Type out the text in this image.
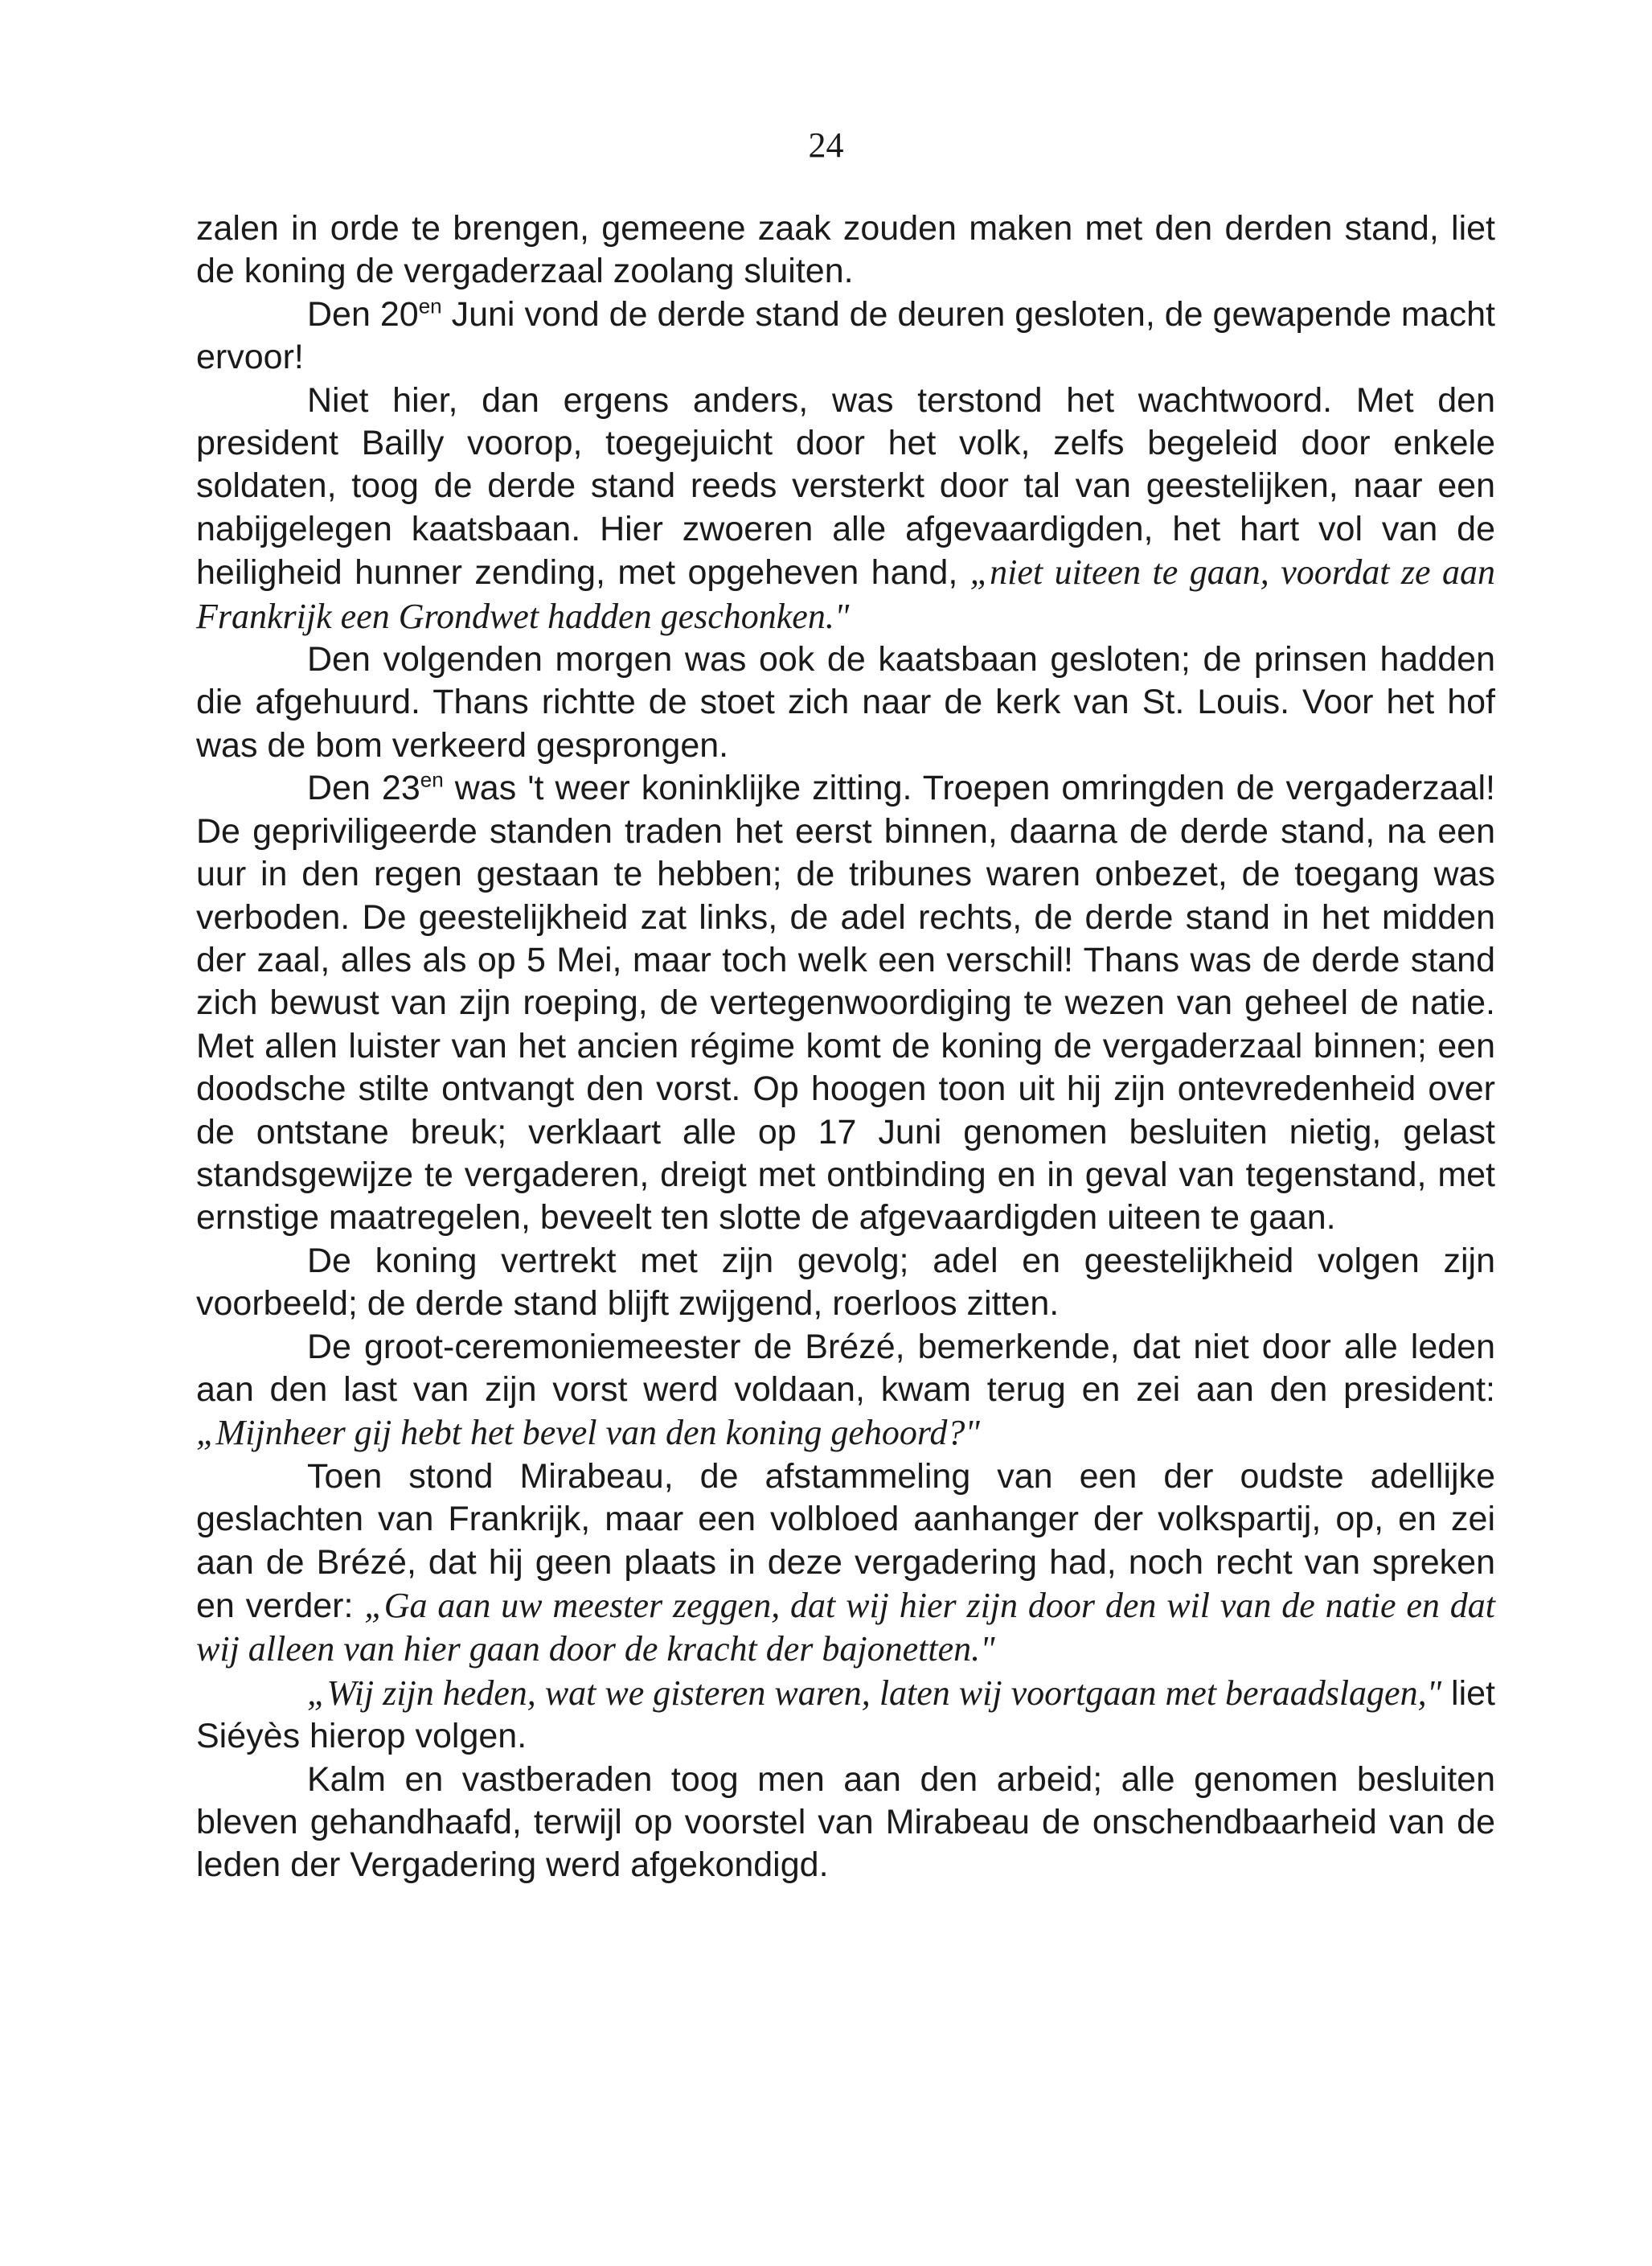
24

zalen in orde te brengen, gemeene zaak zouden maken met den derden stand, liet de koning de vergaderzaal zoolang sluiten.

Den $20^{en}$ Juni vond de derde stand de deuren gesloten, de gewapende macht ervoor!

Niet hier, dan ergens anders, was terstond het wachtwoord. Met den president Bailly voorop, toegejuicht door het volk, zelfs begeleid door enkele soldaten, toog de derde stand reeds versterkt door tal van geestelijken, naar een nabijgelegen kaatsbaan. Hier zwoeren alle afgevaardigden, het hart vol van de heiligheid hunner zending, met opgeheven hand, „niet uiteen te gaan, voordat ze aan Frankrijk een Grondwet hadden geschonken."

Den volgenden morgen was ook de kaatsbaan gesloten; de prinsen hadden die afgehuurd. Thans richtte de stoet zich naar de kerk van St. Louis. Voor het hof was de bom verkeerd gesprongen.

Den $23^{en}$ was 't weer koninklijke zitting. Troepen omringden de vergaderzaal! De gepriviligeerde standen traden het eerst binnen, daarna de derde stand, na een uur in den regen gestaan te hebben; de tribunes waren onbezet, de toegang was verboden. De geestelijkheid zat links, de adel rechts, de derde stand in het midden der zaal, alles als op 5 Mei, maar toch welk een verschil! Thans was de derde stand zich bewust van zijn roeping, de vertegenwoordiging te wezen van geheel de natie. Met allen luister van het ancien régime komt de koning de vergaderzaal binnen; een doodsche stilte ontvangt den vorst. Op hoogen toon uit hij zijn ontevredenheid over de ontstane breuk; verklaart alle op 17 Juni genomen besluiten nietig, gelast standsgewijze te vergaderen, dreigt met ontbinding en in geval van tegenstand, met ernstige maatregelen, beveelt ten slotte de afgevaardigden uiteen te gaan.

De koning vertrekt met zijn gevolg; adel en geestelijkheid volgen zijn voorbeeld; de derde stand blijft zwijgend, roerloos zitten.

De groot-ceremoniemeester de Brézé, bemerkende, dat niet door alle leden aan den last van zijn vorst werd voldaan, kwam terug en zei aan den president: „Mijnheer gij hebt het bevel van den koning gehoord?"

Toen stond Mirabeau, de afstammeling van een der oudste adellijke geslachten van Frankrijk, maar een volbloed aanhanger der volkspartij, op, en zei aan de Brézé, dat hij geen plaats in deze vergadering had, noch recht van spreken en verder: „Ga aan uw meester zeggen, dat wij hier zijn door den wil van de natie en dat wij alleen van hier gaan door de kracht der bajonetten."

„Wij zijn heden, wat we gisteren waren, laten wij voortgaan met beraadslagen," liet Siéyès hierop volgen.

Kalm en vastberaden toog men aan den arbeid; alle genomen besluiten bleven gehandhaafd, terwijl op voorstel van Mirabeau de onschendbaarheid van de leden der Vergadering werd afgekondigd.
